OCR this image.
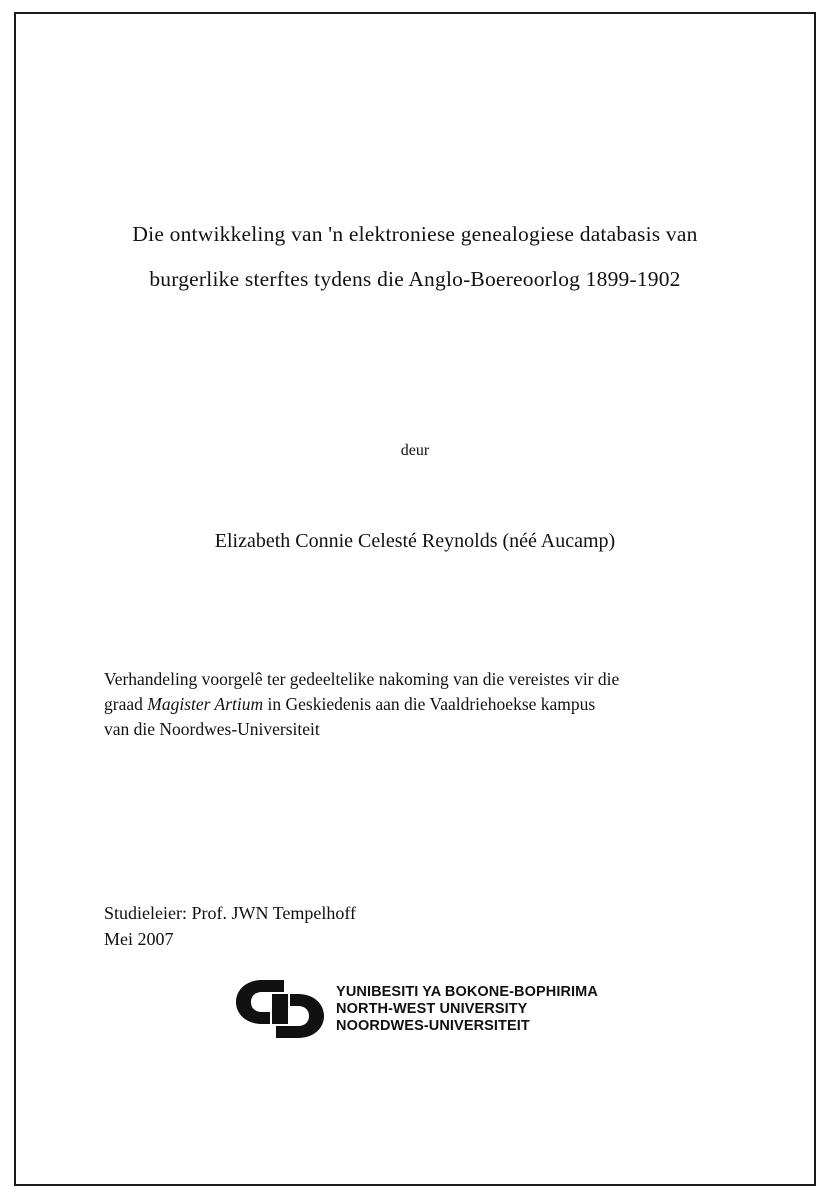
Die ontwikkeling van 'n elektroniese genealogiese databasis van
burgerlike sterftes tydens die Anglo-Boereoorlog 1899-1902
deur
Elizabeth Connie Celesté Reynolds (néé Aucamp)
Verhandeling voorgelê ter gedeeltelike nakoming van die vereistes vir die
graad Magister Artium in Geskiedenis aan die Vaaldriehoekse kampus
van die Noordwes-Universiteit
Studieleier: Prof. JWN Tempelhoff
Mei 2007
YUNIBESITI YA BOKONE-BOPHIRIMA
NORTH-WEST UNIVERSITY
NOORDWES-UNIVERSITEIT
